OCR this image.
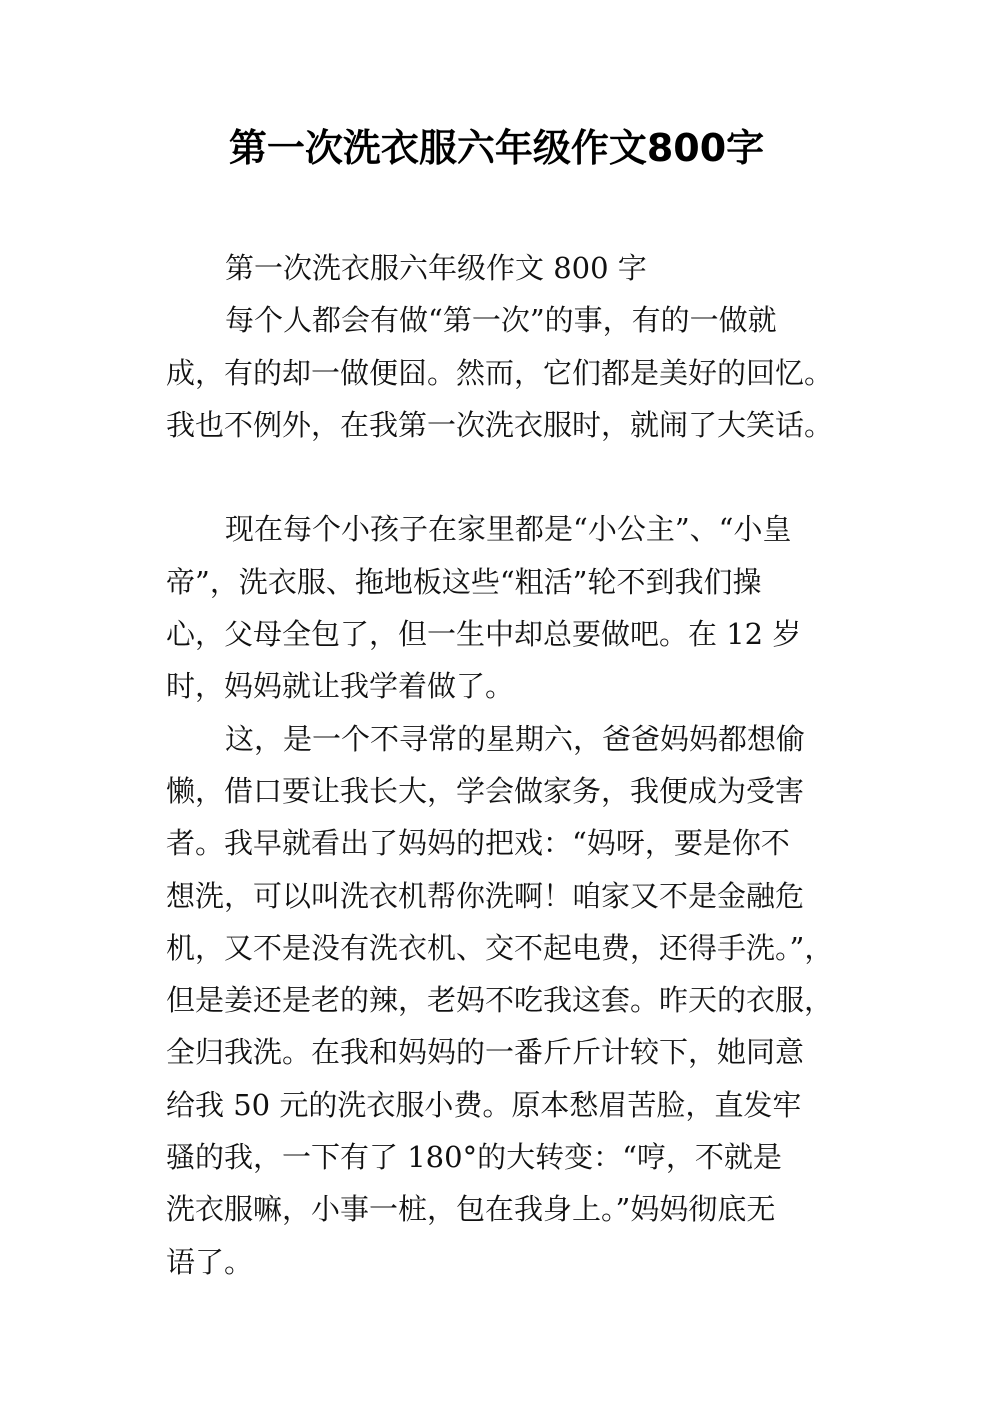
第一次洗衣服六年级作文800字
第一次洗衣服六年级作文 800 字
每个人都会有做“第一次”的事，有的一做就
成，有的却一做便囧。然而，它们都是美好的回忆。
我也不例外，在我第一次洗衣服时，就闹了大笑话。
现在每个小孩子在家里都是“小公主”、“小皇
帝”，洗衣服、拖地板这些“粗活”轮不到我们操
心，父母全包了，但一生中却总要做吧。在 12 岁
时，妈妈就让我学着做了。
这，是一个不寻常的星期六，爸爸妈妈都想偷
懒，借口要让我长大，学会做家务，我便成为受害
者。我早就看出了妈妈的把戏：“妈呀，要是你不
想洗，可以叫洗衣机帮你洗啊！咱家又不是金融危
机，又不是没有洗衣机、交不起电费，还得手洗。”，
但是姜还是老的辣，老妈不吃我这套。昨天的衣服，
全归我洗。在我和妈妈的一番斤斤计较下，她同意
给我 50 元的洗衣服小费。原本愁眉苦脸，直发牢
骚的我，一下有了 180°的大转变：“哼，不就是
洗衣服嘛，小事一桩，包在我身上。”妈妈彻底无
语了。
